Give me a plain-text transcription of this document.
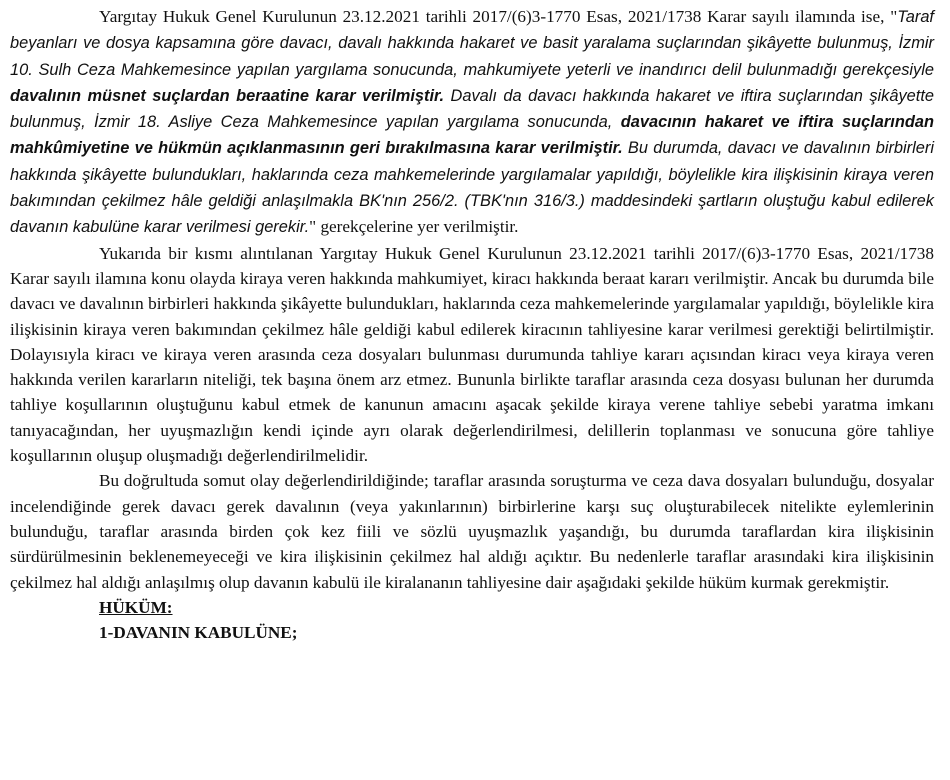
Yargıtay Hukuk Genel Kurulunun 23.12.2021 tarihli 2017/(6)3-1770 Esas, 2021/1738 Karar sayılı ilamında ise, "Taraf beyanları ve dosya kapsamına göre davacı, davalı hakkında hakaret ve basit yaralama suçlarından şikâyette bulunmuş, İzmir 10. Sulh Ceza Mahkemesince yapılan yargılama sonucunda, mahkumiyete yeterli ve inandırıcı delil bulunmadığı gerekçesiyle davalının müsnet suçlardan beraatine karar verilmiştir. Davalı da davacı hakkında hakaret ve iftira suçlarından şikâyette bulunmuş, İzmir 18. Asliye Ceza Mahkemesince yapılan yargılama sonucunda, davacının hakaret ve iftira suçlarından mahkûmiyetine ve hükmün açıklanmasının geri bırakılmasına karar verilmiştir. Bu durumda, davacı ve davalının birbirleri hakkında şikâyette bulundukları, haklarında ceza mahkemelerinde yargılamalar yapıldığı, böylelikle kira ilişkisinin kiraya veren bakımından çekilmez hâle geldiği anlaşılmakla BK'nın 256/2. (TBK'nın 316/3.) maddesindeki şartların oluştuğu kabul edilerek davanın kabulüne karar verilmesi gerekir." gerekçelerine yer verilmiştir.

Yukarıda bir kısmı alıntılanan Yargıtay Hukuk Genel Kurulunun 23.12.2021 tarihli 2017/(6)3-1770 Esas, 2021/1738 Karar sayılı ilamına konu olayda kiraya veren hakkında mahkumiyet, kiracı hakkında beraat kararı verilmiştir. Ancak bu durumda bile davacı ve davalının birbirleri hakkında şikâyette bulundukları, haklarında ceza mahkemelerinde yargılamalar yapıldığı, böylelikle kira ilişkisinin kiraya veren bakımından çekilmez hâle geldiği kabul edilerek kiracının tahliyesine karar verilmesi gerektiği belirtilmiştir. Dolayısıyla kiracı ve kiraya veren arasında ceza dosyaları bulunması durumunda tahliye kararı açısından kiracı veya kiraya veren hakkında verilen kararların niteliği, tek başına önem arz etmez. Bununla birlikte taraflar arasında ceza dosyası bulunan her durumda tahliye koşullarının oluştuğunu kabul etmek de kanunun amacını aşacak şekilde kiraya verene tahliye sebebi yaratma imkanı tanıyacağından, her uyuşmazlığın kendi içinde ayrı olarak değerlendirilmesi, delillerin toplanması ve sonucuna göre tahliye koşullarının oluşup oluşmadığı değerlendirilmelidir.

Bu doğrultuda somut olay değerlendirildiğinde; taraflar arasında soruşturma ve ceza dava dosyaları bulunduğu, dosyalar incelendiğinde gerek davacı gerek davalının (veya yakınlarının) birbirlerine karşı suç oluşturabilecek nitelikte eylemlerinin bulunduğu, taraflar arasında birden çok kez fiili ve sözlü uyuşmazlık yaşandığı, bu durumda taraflardan kira ilişkisinin sürdürülmesinin beklenemeyeceği ve kira ilişkisinin çekilmez hal aldığı açıktır. Bu nedenlerle taraflar arasındaki kira ilişkisinin çekilmez hal aldığı anlaşılmış olup davanın kabulü ile kiralananın tahliyesine dair aşağıdaki şekilde hüküm kurmak gerekmiştir.

HÜKÜM:

1-DAVANIN KABULÜNE;
